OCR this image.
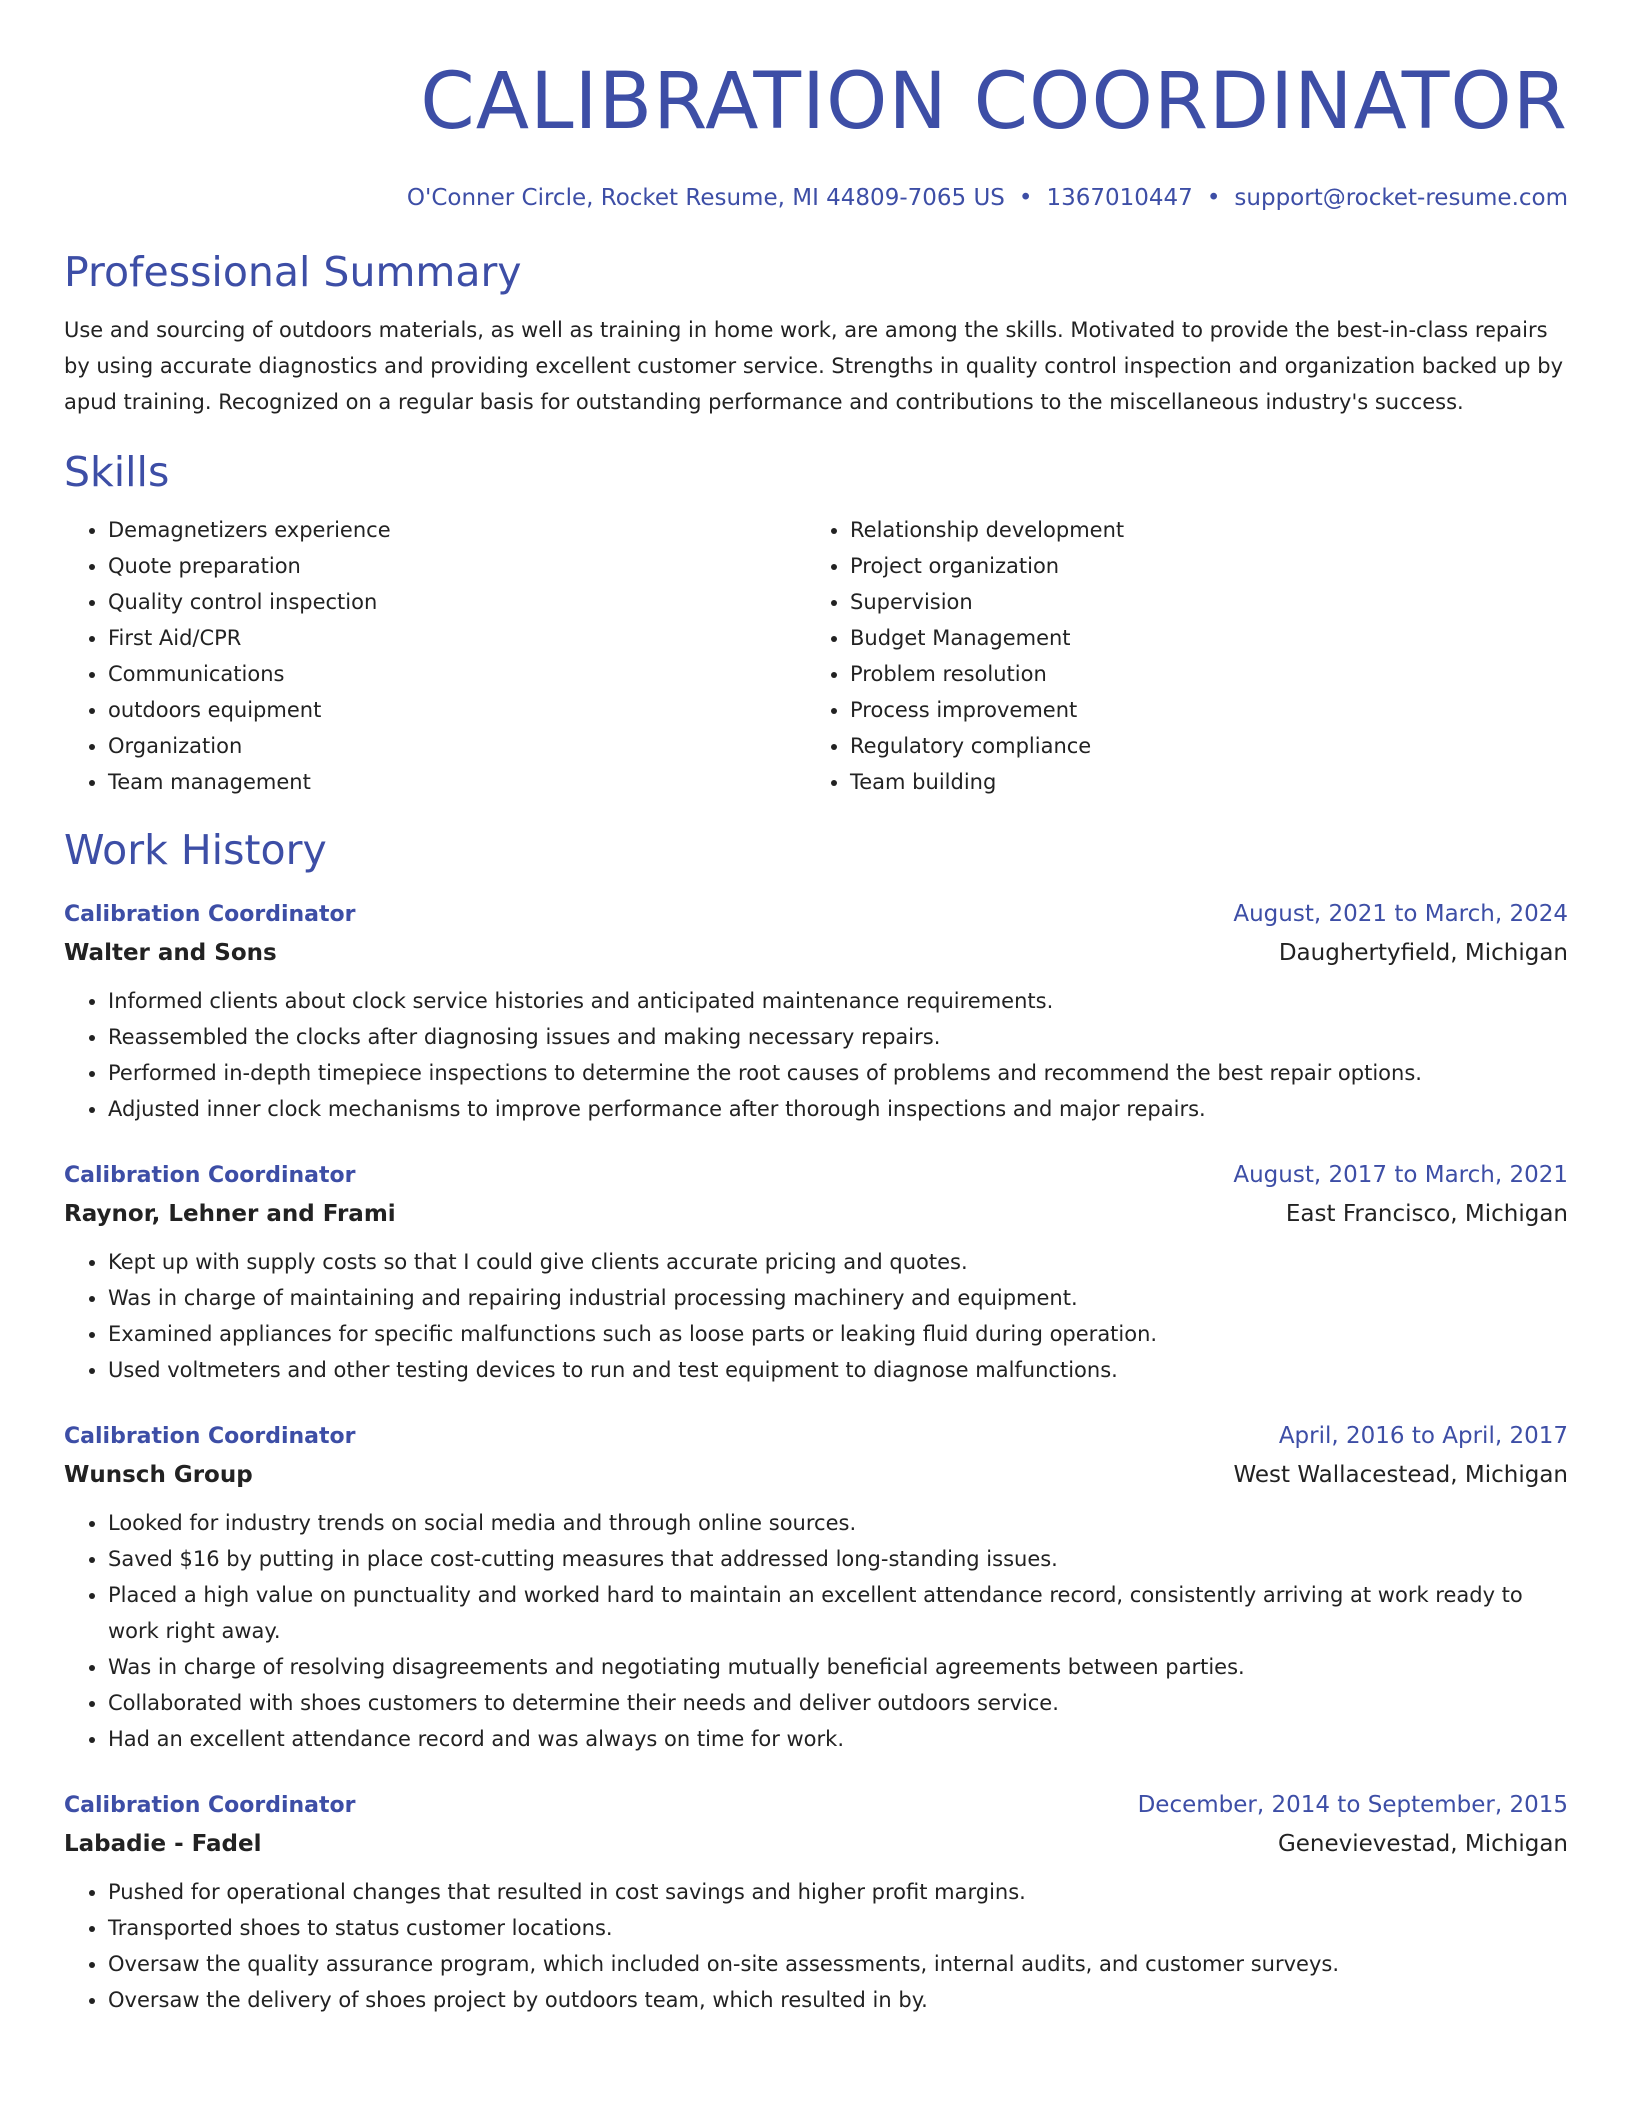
CALIBRATION COORDINATOR
O'Conner Circle, Rocket Resume, MI 44809-7065 US • 1367010447 • support@rocket-resume.com
Professional Summary
Use and sourcing of outdoors materials, as well as training in home work, are among the skills. Motivated to provide the best-in-class repairs by using accurate diagnostics and providing excellent customer service. Strengths in quality control inspection and organization backed up by apud training. Recognized on a regular basis for outstanding performance and contributions to the miscellaneous industry's success.
Skills
• Demagnetizers experience
• Quote preparation
• Quality control inspection
• First Aid/CPR
• Communications
• outdoors equipment
• Organization
• Team management
• Relationship development
• Project organization
• Supervision
• Budget Management
• Problem resolution
• Process improvement
• Regulatory compliance
• Team building
Work History
Calibration Coordinator	August, 2021 to March, 2024
Walter and Sons	Daughertyfield, Michigan
• Informed clients about clock service histories and anticipated maintenance requirements.
• Reassembled the clocks after diagnosing issues and making necessary repairs.
• Performed in-depth timepiece inspections to determine the root causes of problems and recommend the best repair options.
• Adjusted inner clock mechanisms to improve performance after thorough inspections and major repairs.
Calibration Coordinator	August, 2017 to March, 2021
Raynor, Lehner and Frami	East Francisco, Michigan
• Kept up with supply costs so that I could give clients accurate pricing and quotes.
• Was in charge of maintaining and repairing industrial processing machinery and equipment.
• Examined appliances for specific malfunctions such as loose parts or leaking fluid during operation.
• Used voltmeters and other testing devices to run and test equipment to diagnose malfunctions.
Calibration Coordinator	April, 2016 to April, 2017
Wunsch Group	West Wallacestead, Michigan
• Looked for industry trends on social media and through online sources.
• Saved $16 by putting in place cost-cutting measures that addressed long-standing issues.
• Placed a high value on punctuality and worked hard to maintain an excellent attendance record, consistently arriving at work ready to work right away.
• Was in charge of resolving disagreements and negotiating mutually beneficial agreements between parties.
• Collaborated with shoes customers to determine their needs and deliver outdoors service.
• Had an excellent attendance record and was always on time for work.
Calibration Coordinator	December, 2014 to September, 2015
Labadie - Fadel	Genevievestad, Michigan
• Pushed for operational changes that resulted in cost savings and higher profit margins.
• Transported shoes to status customer locations.
• Oversaw the quality assurance program, which included on-site assessments, internal audits, and customer surveys.
• Oversaw the delivery of shoes project by outdoors team, which resulted in by.
